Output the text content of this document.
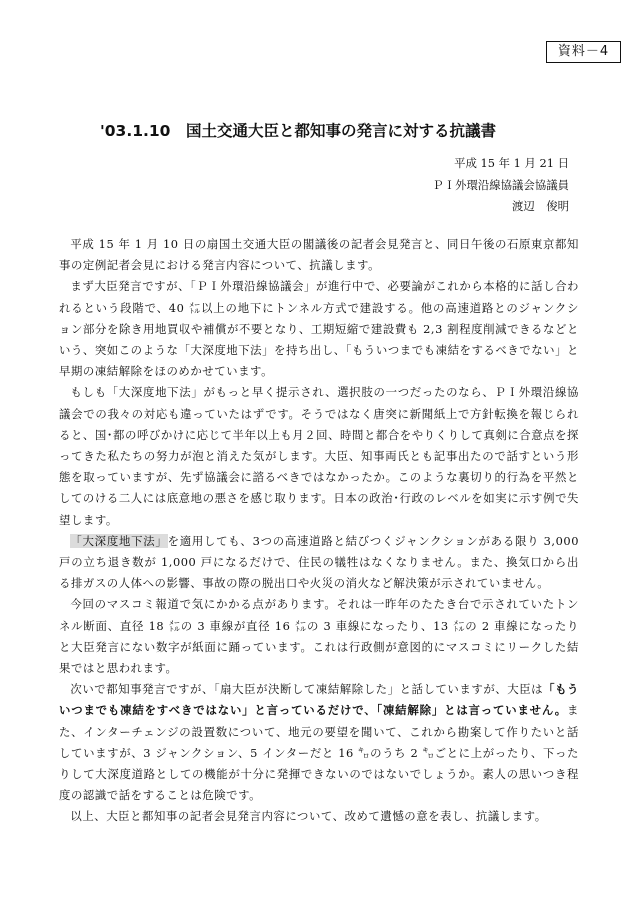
資料－4
'03.1.10　国土交通大臣と都知事の発言に対する抗議書
平成 15 年 1 月 21 日
ＰＩ外環沿線協議会協議員
渡辺　俊明

平成 15 年 1 月 10 日の扇国土交通大臣の閣議後の記者会見発言と、同日午後の石原東京都知事の定例記者会見における発言内容について、抗議します。

まず大臣発言ですが、「ＰＩ外環沿線協議会」が進行中で、必要論がこれから本格的に話し合われるという段階で、40 ㍍以上の地下にトンネル方式で建設する。他の高速道路とのジャンクション部分を除き用地買収や補償が不要となり、工期短縮で建設費も 2,3 割程度削減できるなどという、突如このような「大深度地下法」を持ち出し、「もういつまでも凍結をするべきでない」と早期の凍結解除をほのめかせています。

もしも「大深度地下法」がもっと早く提示され、選択肢の一つだったのなら、ＰＩ外環沿線協議会での我々の対応も違っていたはずです。そうではなく唐突に新聞紙上で方針転換を報じられると、国･都の呼びかけに応じて半年以上も月２回、時間と都合をやりくりして真剣に合意点を探ってきた私たちの努力が泡と消えた気がします。大臣、知事両氏とも記事出たので話すという形態を取っていますが、先ず協議会に諮るべきではなかったか。このような裏切り的行為を平然としてのける二人には底意地の悪さを感じ取ります。日本の政治･行政のレベルを如実に示す例で失望します。

「大深度地下法」を適用しても、3つの高速道路と結びつくジャンクションがある限り 3,000 戸の立ち退き数が 1,000 戸になるだけで、住民の犠牲はなくなりません。また、換気口から出る排ガスの人体への影響、事故の際の脱出口や火災の消火など解決策が示されていません。

今回のマスコミ報道で気にかかる点があります。それは一昨年のたたき台で示されていたトンネル断面、直径 18 ㍍の 3 車線が直径 16 ㍍の 3 車線になったり、13 ㍍の 2 車線になったりと大臣発言にない数字が紙面に踊っています。これは行政側が意図的にマスコミにリークした結果ではと思われます。

次いで都知事発言ですが、「扇大臣が決断して凍結解除した」と話していますが、大臣は「もういつまでも凍結をすべきではない」と言っているだけで、「凍結解除」とは言っていません。また、インターチェンジの設置数について、地元の要望を聞いて、これから勘案して作りたいと話していますが、3 ジャンクション、5 インターだと 16 ㌔のうち 2 ㌔ごとに上がったり、下ったりして大深度道路としての機能が十分に発揮できないのではないでしょうか。素人の思いつき程度の認識で話をすることは危険です。

以上、大臣と都知事の記者会見発言内容について、改めて遺憾の意を表し、抗議します。
